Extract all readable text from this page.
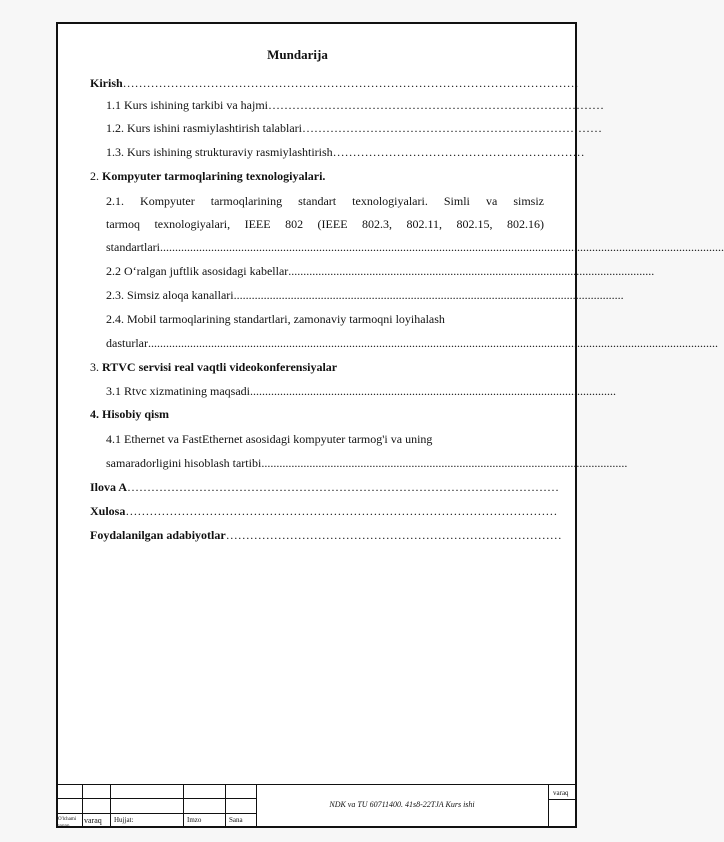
Mundarija
Kirish ……………………………………………………………………………………………………
1.1 Kurs ishining tarkibi va hajmi …………………………………………………………………………
1.2. Kurs ishini rasmiylashtirish talablari …………………………………………………………………
1.3. Kurs ishining strukturaviy rasmiylashtirish ………………………………………………………
2. Kompyuter tarmoqlarining texnologiyalari.
2.1. Kompyuter tarmoqlarining standart texnologiyalari. Simli va simsiz
tarmoq texnologiyalari, IEEE 802 (IEEE 802.3, 802.11, 802.15, 802.16)
standartlari ............................................................................................................................................................................................
2.2 O‘ralgan juftlik asosidagi kabellar ..........................................................................................................................
2.3. Simsiz aloqa kanallari ..................................................................................................................................
2.4. Mobil tarmoqlarining standartlari, zamonaviy tarmoqni loyihalash
dasturlar ..............................................................................................................................................................................................
3. RTVC servisi real vaqtli videokonferensiyalar
3.1 Rtvc xizmatining maqsadi ..........................................................................................................................
4. Hisobiy qism
4.1 Ethernet va FastEthernet asosidagi kompyuter tarmog'i va uning
samaradorligini hisoblash tartibi ..........................................................................................................................
Ilova A ………………………………………………………………………………………………
Xulosa ………………………………………………………………………………………………
Foydalanilgan adabiyotlar …………………………………………………………………………
NDK va TU 60711400. 41s8-22TJA Kurs ishi
varaq
O'lchami
nnnnn
varaq Hujjat:	Imzo	Sana
